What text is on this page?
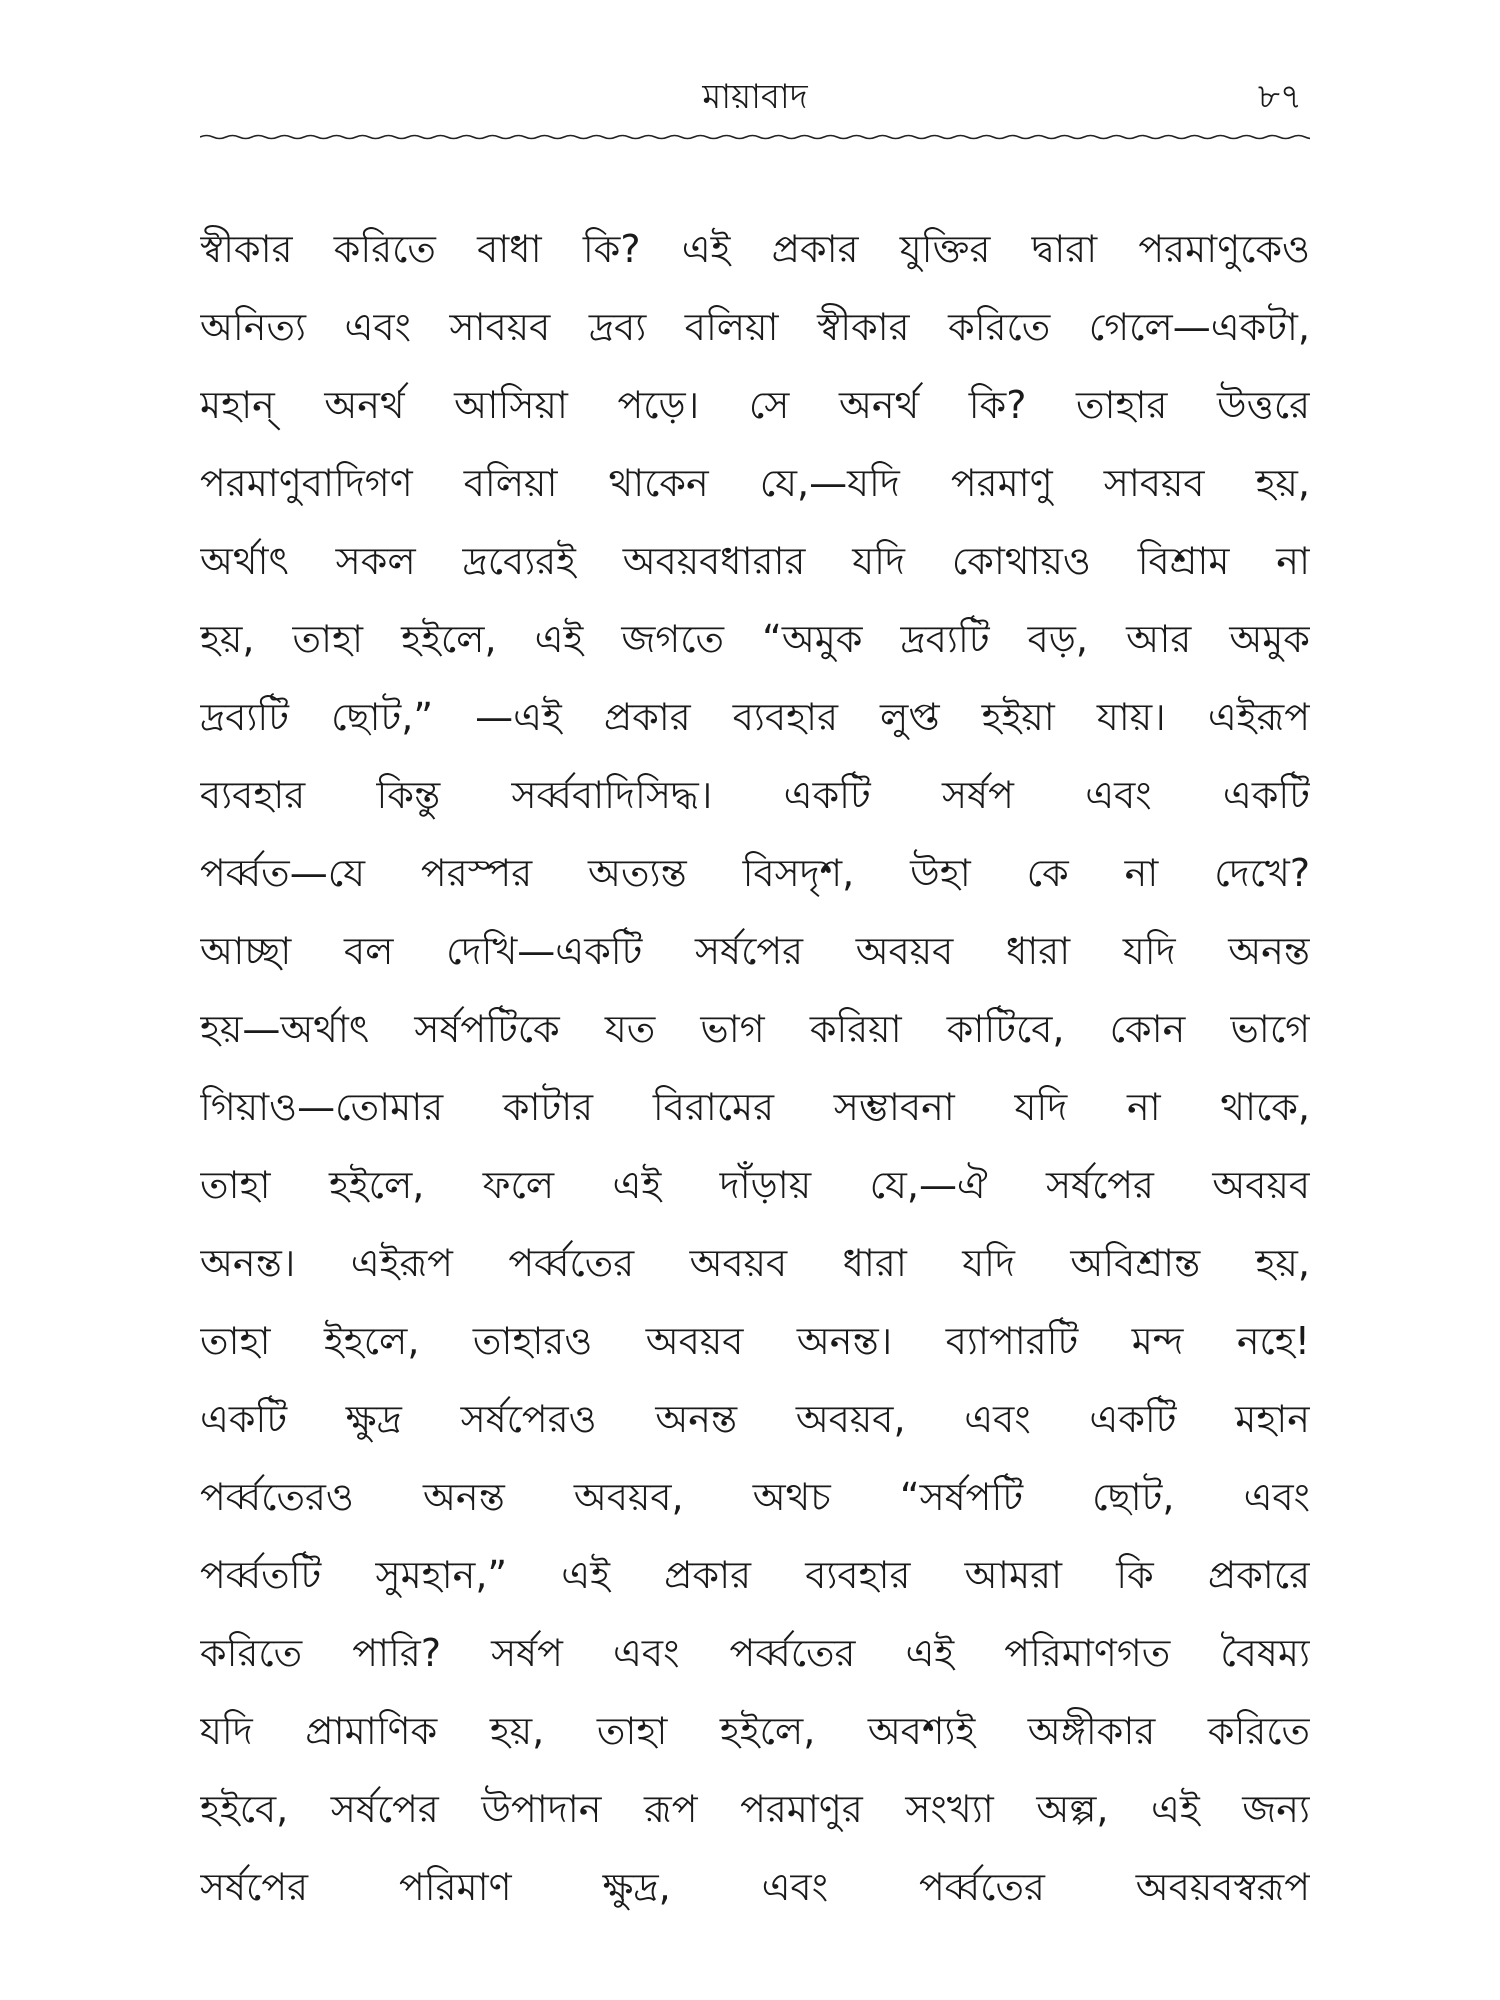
মায়াবাদ	৮৭
স্বীকার করিতে বাধা কি? এই প্রকার যুক্তির দ্বারা পরমাণুকেও
অনিত্য এবং সাবয়ব দ্রব্য বলিয়া স্বীকার করিতে গেলে—একটা,
মহান্ অনর্থ আসিয়া পড়ে। সে অনর্থ কি? তাহার উত্তরে
পরমাণুবাদিগণ বলিয়া থাকেন যে,—যদি পরমাণু সাবয়ব হয়,
অর্থাৎ সকল দ্রব্যেরই অবয়বধারার যদি কোথায়ও বিশ্রাম না
হয়, তাহা হইলে, এই জগতে “অমুক দ্রব্যটি বড়, আর অমুক
দ্রব্যটি ছোট,” —এই প্রকার ব্যবহার লুপ্ত হইয়া যায়। এইরূপ
ব্যবহার কিন্তু সর্ব্ববাদিসিদ্ধ। একটি সর্ষপ এবং একটি
পর্ব্বত—যে পরস্পর অত্যন্ত বিসদৃশ, উহা কে না দেখে?
আচ্ছা বল দেখি—একটি সর্ষপের অবয়ব ধারা যদি অনন্ত
হয়—অর্থাৎ সর্ষপটিকে যত ভাগ করিয়া কাটিবে, কোন ভাগে
গিয়াও—তোমার কাটার বিরামের সম্ভাবনা যদি না থাকে,
তাহা হইলে, ফলে এই দাঁড়ায় যে,—ঐ সর্ষপের অবয়ব
অনন্ত। এইরূপ পর্ব্বতের অবয়ব ধারা যদি অবিশ্রান্ত হয়,
তাহা ইহলে, তাহারও অবয়ব অনন্ত। ব্যাপারটি মন্দ নহে!
একটি ক্ষুদ্র সর্ষপেরও অনন্ত অবয়ব, এবং একটি মহান
পর্ব্বতেরও অনন্ত অবয়ব, অথচ “সর্ষপটি ছোট, এবং
পর্ব্বতটি সুমহান,” এই প্রকার ব্যবহার আমরা কি প্রকারে
করিতে পারি? সর্ষপ এবং পর্ব্বতের এই পরিমাণগত বৈষম্য
যদি প্রামাণিক হয়, তাহা হইলে, অবশ্যই অঙ্গীকার করিতে
হইবে, সর্ষপের উপাদান রূপ পরমাণুর সংখ্যা অল্প, এই জন্য
সর্ষপের পরিমাণ ক্ষুদ্র, এবং পর্ব্বতের অবয়বস্বরূপ
